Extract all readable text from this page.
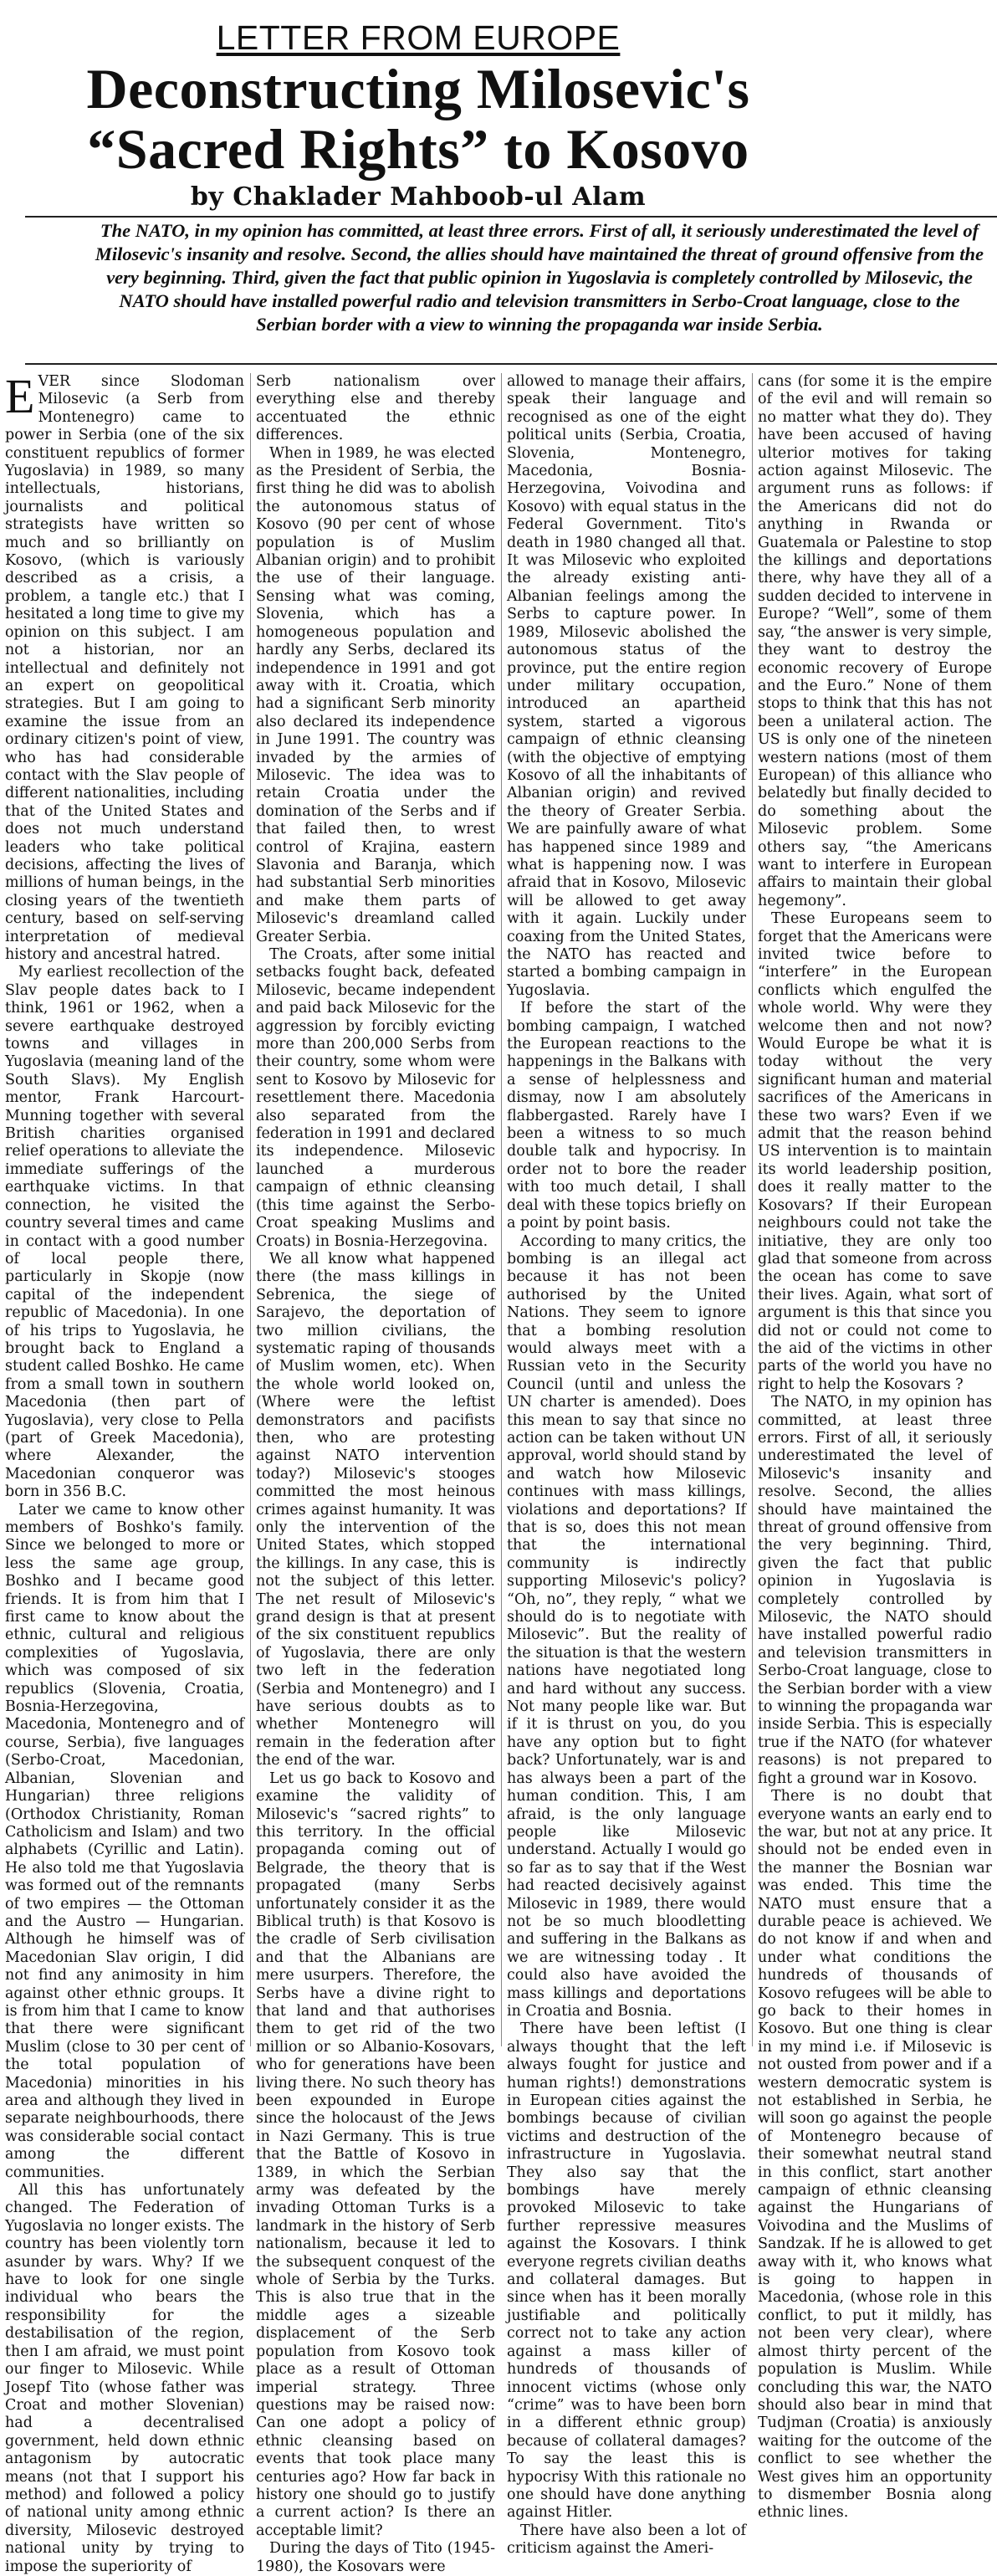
LETTER FROM EUROPE
Deconstructing Milosevic's
“Sacred Rights” to Kosovo
by Chaklader Mahboob-ul Alam
The NATO, in my opinion has committed, at least three errors. First of all, it seriously underestimated the level of Milosevic's insanity and resolve. Second, the allies should have maintained the threat of ground offensive from the very beginning. Third, given the fact that public opinion in Yugoslavia is completely controlled by Milosevic, the NATO should have installed powerful radio and television transmitters in Serbo-Croat language, close to the Serbian border with a view to winning the propaganda war inside Serbia.

EVER since Slodoman Milosevic (a Serb from Montenegro) came to power in Serbia (one of the six constituent republics of former Yugoslavia) in 1989, so many intellectuals, historians, journalists and political strategists have written so much and so brilliantly on Kosovo, (which is variously described as a crisis, a problem, a tangle etc.) that I hesitated a long time to give my opinion on this subject. I am not a historian, nor an intellectual and definitely not an expert on geopolitical strategies. But I am going to examine the issue from an ordinary citizen's point of view, who has had considerable contact with the Slav people of different nationalities, including that of the United States and does not much understand leaders who take political decisions, affecting the lives of millions of human beings, in the closing years of the twentieth century, based on self-serving interpretation of medieval history and ancestral hatred.

My earliest recollection of the Slav people dates back to I think, 1961 or 1962, when a severe earthquake destroyed towns and villages in Yugoslavia (meaning land of the South Slavs). My English mentor, Frank Harcourt-Munning together with several British charities organised relief operations to alleviate the immediate sufferings of the earthquake victims. In that connection, he visited the country several times and came in contact with a good number of local people there, particularly in Skopje (now capital of the independent republic of Macedonia). In one of his trips to Yugoslavia, he brought back to England a student called Boshko. He came from a small town in southern Macedonia (then part of Yugoslavia), very close to Pella (part of Greek Macedonia), where Alexander, the Macedonian conqueror was born in 356 B.C.

Later we came to know other members of Boshko's family. Since we belonged to more or less the same age group, Boshko and I became good friends. It is from him that I first came to know about the ethnic, cultural and religious complexities of Yugoslavia, which was composed of six republics (Slovenia, Croatia, Bosnia-Herzegovina, Macedonia, Montenegro and of course, Serbia), five languages (Serbo-Croat, Macedonian, Albanian, Slovenian and Hungarian) three religions (Orthodox Christianity, Roman Catholicism and Islam) and two alphabets (Cyrillic and Latin). He also told me that Yugoslavia was formed out of the remnants of two empires — the Ottoman and the Austro — Hungarian. Although he himself was of Macedonian Slav origin, I did not find any animosity in him against other ethnic groups. It is from him that I came to know that there were significant Muslim (close to 30 per cent of the total population of Macedonia) minorities in his area and although they lived in separate neighbourhoods, there was considerable social contact among the different communities.

All this has unfortunately changed. The Federation of Yugoslavia no longer exists. The country has been violently torn asunder by wars. Why? If we have to look for one single individual who bears the responsibility for the destabilisation of the region, then I am afraid, we must point our finger to Milosevic. While Josepf Tito (whose father was Croat and mother Slovenian) had a decentralised government, held down ethnic antagonism by autocratic means (not that I support his method) and followed a policy of national unity among ethnic diversity, Milosevic destroyed national unity by trying to impose the superiority of

Serb nationalism over everything else and thereby accentuated the ethnic differences.

When in 1989, he was elected as the President of Serbia, the first thing he did was to abolish the autonomous status of Kosovo (90 per cent of whose population is of Muslim Albanian origin) and to prohibit the use of their language. Sensing what was coming, Slovenia, which has a homogeneous population and hardly any Serbs, declared its independence in 1991 and got away with it. Croatia, which had a significant Serb minority also declared its independence in June 1991. The country was invaded by the armies of Milosevic. The idea was to retain Croatia under the domination of the Serbs and if that failed then, to wrest control of Krajina, eastern Slavonia and Baranja, which had substantial Serb minorities and make them parts of Milosevic's dreamland called Greater Serbia.

The Croats, after some initial setbacks fought back, defeated Milosevic, became independent and paid back Milosevic for the aggression by forcibly evicting more than 200,000 Serbs from their country, some whom were sent to Kosovo by Milosevic for resettlement there. Macedonia also separated from the federation in 1991 and declared its independence. Milosevic launched a murderous campaign of ethnic cleansing (this time against the Serbo-Croat speaking Muslims and Croats) in Bosnia-Herzegovina.

We all know what happened there (the mass killings in Sebrenica, the siege of Sarajevo, the deportation of two million civilians, the systematic raping of thousands of Muslim women, etc). When the whole world looked on, (Where were the leftist demonstrators and pacifists then, who are protesting against NATO intervention today?) Milosevic's stooges committed the most heinous crimes against humanity. It was only the intervention of the United States, which stopped the killings. In any case, this is not the subject of this letter. The net result of Milosevic's grand design is that at present of the six constituent republics of Yugoslavia, there are only two left in the federation (Serbia and Montenegro) and I have serious doubts as to whether Montenegro will remain in the federation after the end of the war.

Let us go back to Kosovo and examine the validity of Milosevic's “sacred rights” to this territory. In the official propaganda coming out of Belgrade, the theory that is propagated (many Serbs unfortunately consider it as the Biblical truth) is that Kosovo is the cradle of Serb civilisation and that the Albanians are mere usurpers. Therefore, the Serbs have a divine right to that land and that authorises them to get rid of the two million or so Albanio-Kosovars, who for generations have been living there. No such theory has been expounded in Europe since the holocaust of the Jews in Nazi Germany. This is true that the Battle of Kosovo in 1389, in which the Serbian army was defeated by the invading Ottoman Turks is a landmark in the history of Serb nationalism, because it led to the subsequent conquest of the whole of Serbia by the Turks. This is also true that in the middle ages a sizeable displacement of the Serb population from Kosovo took place as a result of Ottoman imperial strategy. Three questions may be raised now: Can one adopt a policy of ethnic cleansing based on events that took place many centuries ago? How far back in history one should go to justify a current action? Is there an acceptable limit?

During the days of Tito (1945- 1980), the Kosovars were

allowed to manage their affairs, speak their language and recognised as one of the eight political units (Serbia, Croatia, Slovenia, Montenegro, Macedonia, Bosnia-Herzegovina, Voivodina and Kosovo) with equal status in the Federal Government. Tito's death in 1980 changed all that. It was Milosevic who exploited the already existing anti-Albanian feelings among the Serbs to capture power. In 1989, Milosevic abolished the autonomous status of the province, put the entire region under military occupation, introduced an apartheid system, started a vigorous campaign of ethnic cleansing (with the objective of emptying Kosovo of all the inhabitants of Albanian origin) and revived the theory of Greater Serbia. We are painfully aware of what has happened since 1989 and what is happening now. I was afraid that in Kosovo, Milosevic will be allowed to get away with it again. Luckily under coaxing from the United States, the NATO has reacted and started a bombing campaign in Yugoslavia.

If before the start of the bombing campaign, I watched the European reactions to the happenings in the Balkans with a sense of helplessness and dismay, now I am absolutely flabbergasted. Rarely have I been a witness to so much double talk and hypocrisy. In order not to bore the reader with too much detail, I shall deal with these topics briefly on a point by point basis.

According to many critics, the bombing is an illegal act because it has not been authorised by the United Nations. They seem to ignore that a bombing resolution would always meet with a Russian veto in the Security Council (until and unless the UN charter is amended). Does this mean to say that since no action can be taken without UN approval, world should stand by and watch how Milosevic continues with mass killings, violations and deportations? If that is so, does this not mean that the international community is indirectly supporting Milosevic's policy? “Oh, no”, they reply, “ what we should do is to negotiate with Milosevic”. But the reality of the situation is that the western nations have negotiated long and hard without any success. Not many people like war. But if it is thrust on you, do you have any option but to fight back? Unfortunately, war is and has always been a part of the human condition. This, I am afraid, is the only language people like Milosevic understand. Actually I would go so far as to say that if the West had reacted decisively against Milosevic in 1989, there would not be so much bloodletting and suffering in the Balkans as we are witnessing today . It could also have avoided the mass killings and deportations in Croatia and Bosnia.

There have been leftist (I always thought that the left always fought for justice and human rights!) demonstrations in European cities against the bombings because of civilian victims and destruction of the infrastructure in Yugoslavia. They also say that the bombings have merely provoked Milosevic to take further repressive measures against the Kosovars. I think everyone regrets civilian deaths and collateral damages. But since when has it been morally justifiable and politically correct not to take any action against a mass killer of hundreds of thousands of innocent victims (whose only “crime” was to have been born in a different ethnic group) because of collateral damages? To say the least this is hypocrisy With this rationale no one should have done anything against Hitler.

There have also been a lot of criticism against the Ameri-

cans (for some it is the empire of the evil and will remain so no matter what they do). They have been accused of having ulterior motives for taking action against Milosevic. The argument runs as follows: if the Americans did not do anything in Rwanda or Guatemala or Palestine to stop the killings and deportations there, why have they all of a sudden decided to intervene in Europe? “Well”, some of them say, “the answer is very simple, they want to destroy the economic recovery of Europe and the Euro.” None of them stops to think that this has not been a unilateral action. The US is only one of the nineteen western nations (most of them European) of this alliance who belatedly but finally decided to do something about the Milosevic problem. Some others say, “the Americans want to interfere in European affairs to maintain their global hegemony”.

These Europeans seem to forget that the Americans were invited twice before to “interfere” in the European conflicts which engulfed the whole world. Why were they welcome then and not now? Would Europe be what it is today without the very significant human and material sacrifices of the Americans in these two wars? Even if we admit that the reason behind US intervention is to maintain its world leadership position, does it really matter to the Kosovars? If their European neighbours could not take the initiative, they are only too glad that someone from across the ocean has come to save their lives. Again, what sort of argument is this that since you did not or could not come to the aid of the victims in other parts of the world you have no right to help the Kosovars ?

The NATO, in my opinion has committed, at least three errors. First of all, it seriously underestimated the level of Milosevic's insanity and resolve. Second, the allies should have maintained the threat of ground offensive from the very beginning. Third, given the fact that public opinion in Yugoslavia is completely controlled by Milosevic, the NATO should have installed powerful radio and television transmitters in Serbo-Croat language, close to the Serbian border with a view to winning the propaganda war inside Serbia. This is especially true if the NATO (for whatever reasons) is not prepared to fight a ground war in Kosovo.

There is no doubt that everyone wants an early end to the war, but not at any price. It should not be ended even in the manner the Bosnian war was ended. This time the NATO must ensure that a durable peace is achieved. We do not know if and when and under what conditions the hundreds of thousands of Kosovo refugees will be able to go back to their homes in Kosovo. But one thing is clear in my mind i.e. if Milosevic is not ousted from power and if a western democratic system is not established in Serbia, he will soon go against the people of Montenegro because of their somewhat neutral stand in this conflict, start another campaign of ethnic cleansing against the Hungarians of Voivodina and the Muslims of Sandzak. If he is allowed to get away with it, who knows what is going to happen in Macedonia, (whose role in this conflict, to put it mildly, has not been very clear), where almost thirty percent of the population is Muslim. While concluding this war, the NATO should also bear in mind that Tudjman (Croatia) is anxiously waiting for the outcome of the conflict to see whether the West gives him an opportunity to dismember Bosnia along ethnic lines.
